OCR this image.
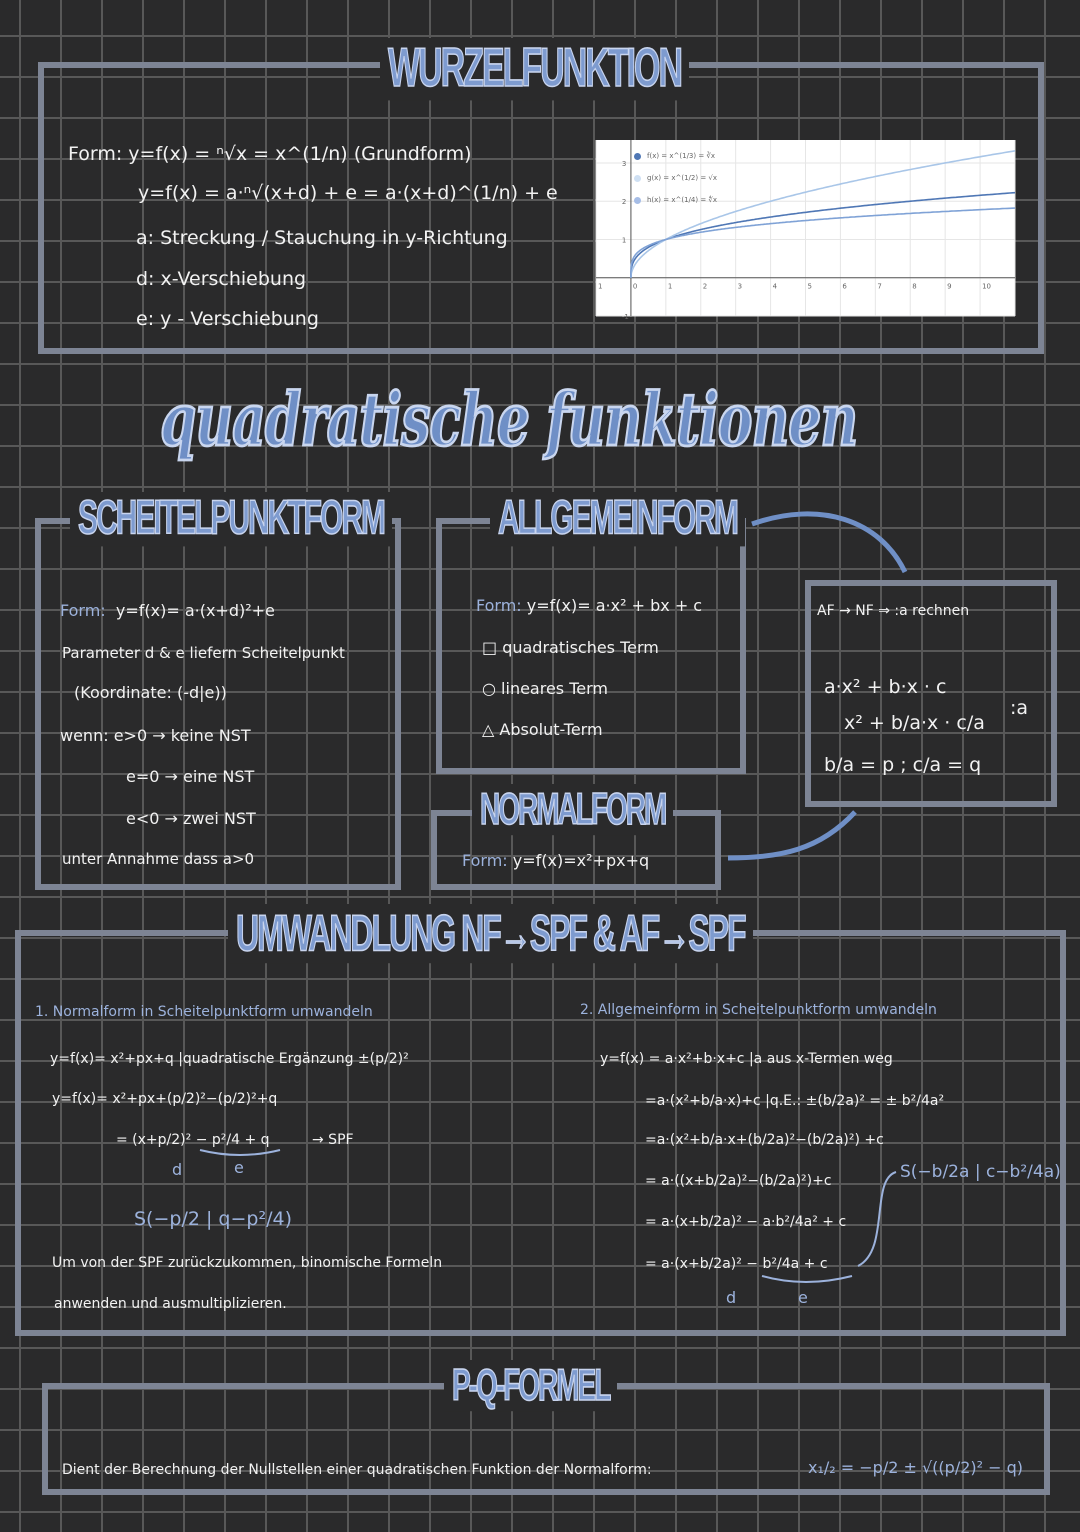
WURZELFUNKTION
Form: y=f(x) = ⁿ√x = x^(1/n) (Grundform)
y=f(x) = a·ⁿ√(x+d) + e = a·(x+d)^(1/n) + e
a: Streckung / Stauchung in y-Richtung
d: x-Verschiebung
e: y - Verschiebung
1	0	1	2	3	4	5	6	7	8	9	10
-1
1
2
3
f(x) = x^(1/3) = ∛x
g(x) = x^(1/2) = √x
h(x) = x^(1/4) = ∜x
quadratische funktionen
SCHEITELPUNKTFORM
Form: y=f(x)= a·(x+d)²+e
Parameter d & e liefern Scheitelpunkt
(Koordinate: (-d|e))
wenn: e>0 → keine NST
e=0 → eine NST
e<0 → zwei NST
unter Annahme dass a>0
ALLGEMEINFORM
Form: y=f(x)= a·x² + bx + c
□ quadratisches Term
○ lineares Term
△ Absolut-Term
AF → NF ⇒ :a rechnen
a·x² + b·x · c
x² + b/a·x · c/a
b/a = p ; c/a = q
:a
NORMALFORM
Form: y=f(x)=x²+px+q
UMWANDLUNG NF→SPF & AF→SPF
1. Normalform in Scheitelpunktform umwandeln
y=f(x)= x²+px+q |quadratische Ergänzung ±(p/2)²
y=f(x)= x²+px+(p/2)²−(p/2)²+q
= (x+p/2)² − p²/4 + q	→ SPF
d	e
S(−p/2 | q−p²/4)
Um von der SPF zurückzukommen, binomische Formeln
anwenden und ausmultiplizieren.
2. Allgemeinform in Scheitelpunktform umwandeln
y=f(x) = a·x²+b·x+c |a aus x-Termen weg
=a·(x²+b/a·x)+c |q.E.: ±(b/2a)² = ± b²/4a²
=a·(x²+b/a·x+(b/2a)²−(b/2a)²) +c
= a·((x+b/2a)²−(b/2a)²)+c
= a·(x+b/2a)² − a·b²/4a² + c
= a·(x+b/2a)² − b²/4a + c
d	e
S(−b/2a | c−b²/4a)
P-Q-FORMEL
Dient der Berechnung der Nullstellen einer quadratischen Funktion der Normalform:	x₁/₂ = −p/2 ± √((p/2)² − q)
